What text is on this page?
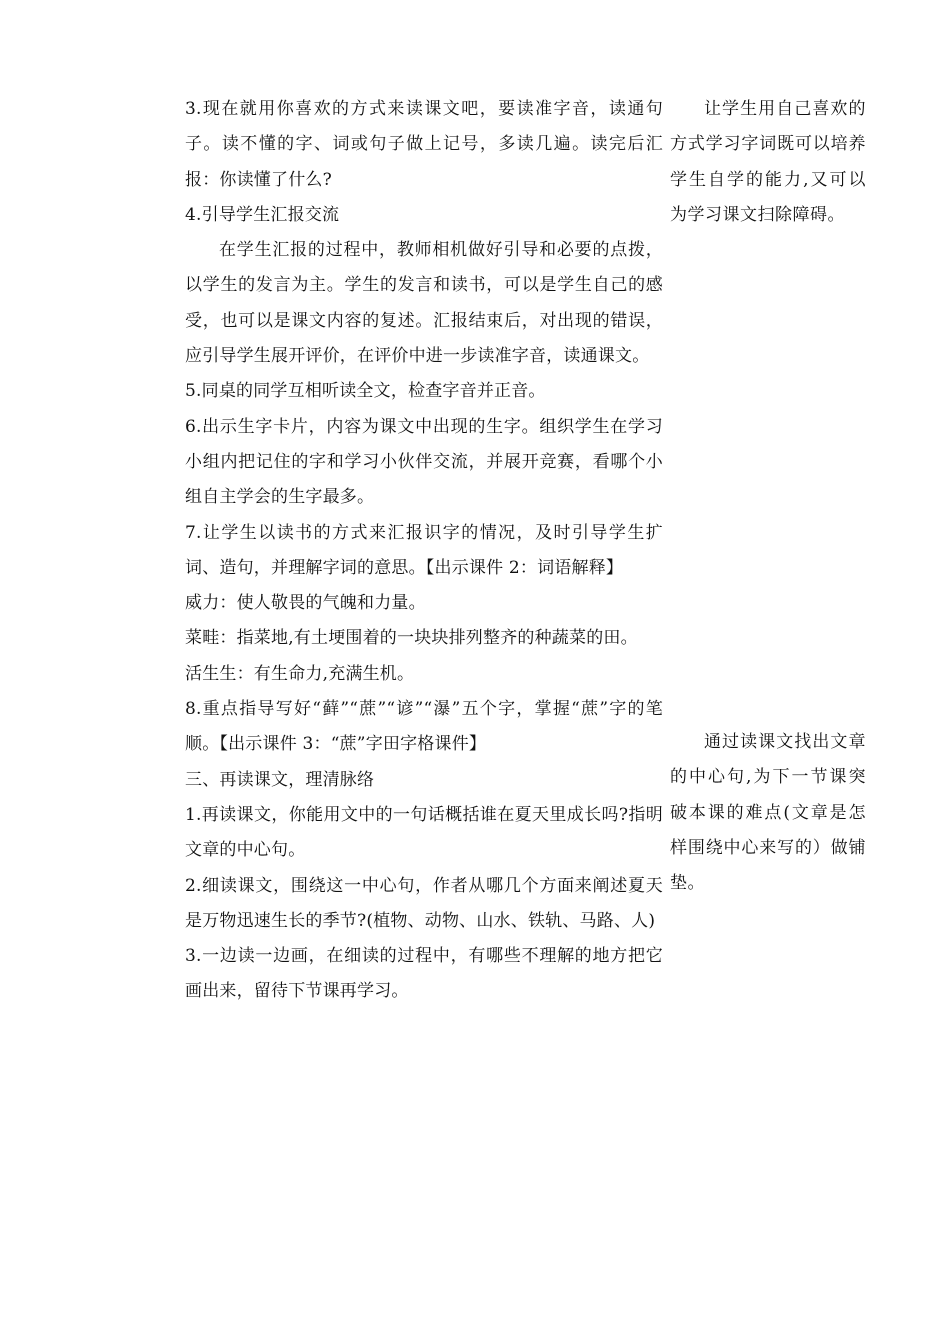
3.现在就用你喜欢的方式来读课文吧，要读准字音，读通句子。读不懂的字、词或句子做上记号，多读几遍。读完后汇报：你读懂了什么?

4.引导学生汇报交流

在学生汇报的过程中，教师相机做好引导和必要的点拨，以学生的发言为主。学生的发言和读书，可以是学生自己的感受，也可以是课文内容的复述。汇报结束后，对出现的错误，应引导学生展开评价，在评价中进一步读准字音，读通课文。

5.同桌的同学互相听读全文，检查字音并正音。

6.出示生字卡片，内容为课文中出现的生字。组织学生在学习小组内把记住的字和学习小伙伴交流，并展开竞赛，看哪个小组自主学会的生字最多。

7.让学生以读书的方式来汇报识字的情况，及时引导学生扩词、造句，并理解字词的意思。【出示课件 2：词语解释】

威力：使人敬畏的气魄和力量。

菜畦：指菜地,有土埂围着的一块块排列整齐的种蔬菜的田。

活生生：有生命力,充满生机。

8.重点指导写好“藓”“蔗”“谚”“瀑”五个字，掌握“蔗”字的笔顺。【出示课件 3：“蔗”字田字格课件】

三、再读课文，理清脉络

1.再读课文，你能用文中的一句话概括谁在夏天里成长吗?指明文章的中心句。

2.细读课文，围绕这一中心句，作者从哪几个方面来阐述夏天是万物迅速生长的季节?(植物、动物、山水、铁轨、马路、人)

3.一边读一边画，在细读的过程中，有哪些不理解的地方把它画出来，留待下节课再学习。

让学生用自己喜欢的方式学习字词既可以培养学生自学的能力,又可以为学习课文扫除障碍。

通过读课文找出文章的中心句,为下一节课突破本课的难点(文章是怎样围绕中心来写的）做铺垫。
